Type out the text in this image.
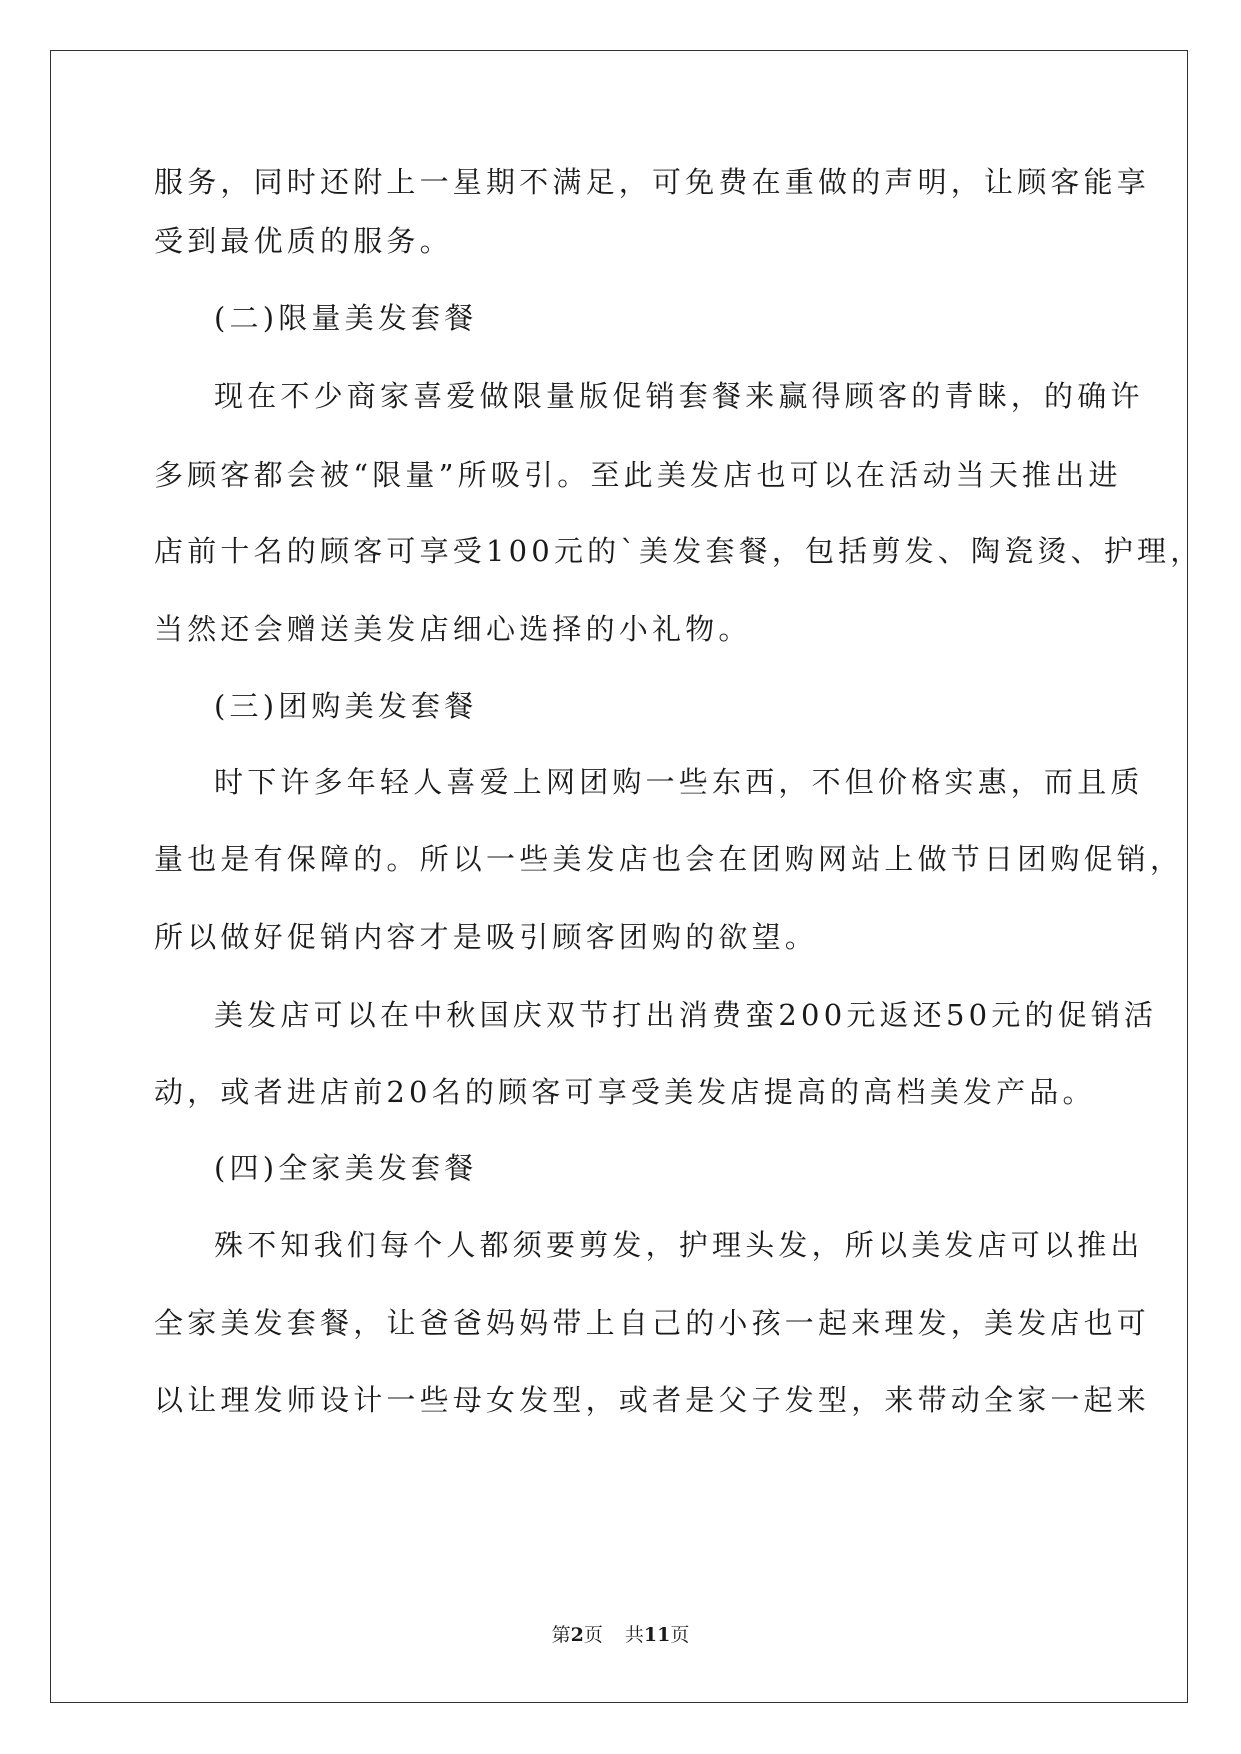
服务，同时还附上一星期不满足，可免费在重做的声明，让顾客能享
受到最优质的服务。
(二)限量美发套餐
现在不少商家喜爱做限量版促销套餐来赢得顾客的青睐，的确许
多顾客都会被“限量”所吸引。至此美发店也可以在活动当天推出进
店前十名的顾客可享受100元的`美发套餐，包括剪发、陶瓷烫、护理，
当然还会赠送美发店细心选择的小礼物。
(三)团购美发套餐
时下许多年轻人喜爱上网团购一些东西，不但价格实惠，而且质
量也是有保障的。所以一些美发店也会在团购网站上做节日团购促销，
所以做好促销内容才是吸引顾客团购的欲望。
美发店可以在中秋国庆双节打出消费蛮200元返还50元的促销活
动，或者进店前20名的顾客可享受美发店提高的高档美发产品。
(四)全家美发套餐
殊不知我们每个人都须要剪发，护理头发，所以美发店可以推出
全家美发套餐，让爸爸妈妈带上自己的小孩一起来理发，美发店也可
以让理发师设计一些母女发型，或者是父子发型，来带动全家一起来
第2页 共11页
